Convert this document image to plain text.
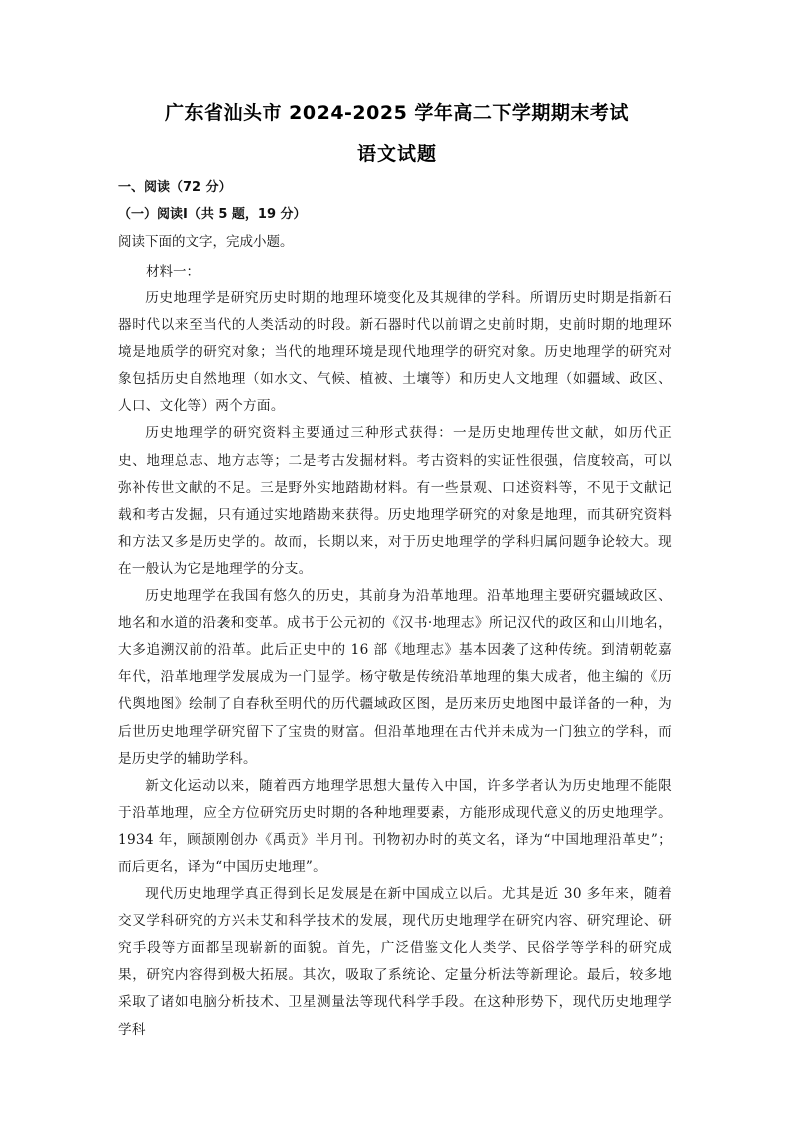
广东省汕头市 2024-2025 学年高二下学期期末考试
语文试题
一、阅读（72 分）
（一）阅读Ⅰ（共 5 题，19 分）
阅读下面的文字，完成小题。
材料一：

历史地理学是研究历史时期的地理环境变化及其规律的学科。所谓历史时期是指新石器时代以来至当代的人类活动的时段。新石器时代以前谓之史前时期，史前时期的地理环境是地质学的研究对象；当代的地理环境是现代地理学的研究对象。历史地理学的研究对象包括历史自然地理（如水文、气候、植被、土壤等）和历史人文地理（如疆域、政区、人口、文化等）两个方面。

历史地理学的研究资料主要通过三种形式获得：一是历史地理传世文献，如历代正史、地理总志、地方志等；二是考古发掘材料。考古资料的实证性很强，信度较高，可以弥补传世文献的不足。三是野外实地踏勘材料。有一些景观、口述资料等，不见于文献记载和考古发掘，只有通过实地踏勘来获得。历史地理学研究的对象是地理，而其研究资料和方法又多是历史学的。故而，长期以来，对于历史地理学的学科归属问题争论较大。现在一般认为它是地理学的分支。

历史地理学在我国有悠久的历史，其前身为沿革地理。沿革地理主要研究疆域政区、地名和水道的沿袭和变革。成书于公元初的《汉书·地理志》所记汉代的政区和山川地名，大多追溯汉前的沿革。此后正史中的 16 部《地理志》基本因袭了这种传统。到清朝乾嘉年代，沿革地理学发展成为一门显学。杨守敬是传统沿革地理的集大成者，他主编的《历代舆地图》绘制了自春秋至明代的历代疆域政区图，是历来历史地图中最详备的一种，为后世历史地理学研究留下了宝贵的财富。但沿革地理在古代并未成为一门独立的学科，而是历史学的辅助学科。

新文化运动以来，随着西方地理学思想大量传入中国，许多学者认为历史地理不能限于沿革地理，应全方位研究历史时期的各种地理要素，方能形成现代意义的历史地理学。1934 年，顾颉刚创办《禹贡》半月刊。刊物初办时的英文名，译为“中国地理沿革史”；而后更名，译为“中国历史地理”。

现代历史地理学真正得到长足发展是在新中国成立以后。尤其是近 30 多年来，随着交叉学科研究的方兴未艾和科学技术的发展，现代历史地理学在研究内容、研究理论、研究手段等方面都呈现崭新的面貌。首先，广泛借鉴文化人类学、民俗学等学科的研究成果，研究内容得到极大拓展。其次，吸取了系统论、定量分析法等新理论。最后，较多地采取了诸如电脑分析技术、卫星测量法等现代科学手段。在这种形势下，现代历史地理学学科
